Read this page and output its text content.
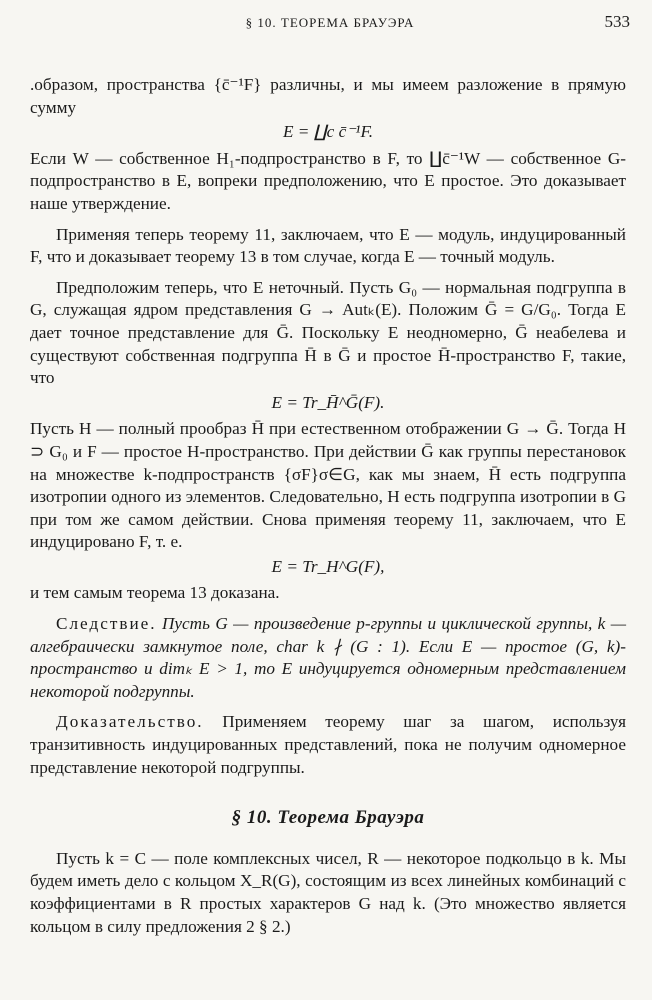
§ 10. ТЕОРЕМА БРАУЭРА	533

.образом, пространства {c̄⁻¹F} различны, и мы имеем разложение в прямую сумму

E = ∐c c̄⁻¹F.

Если W — собственное H₁-подпространство в F, то ∐c̄⁻¹W — собственное G-подпространство в E, вопреки предположению, что E простое. Это доказывает наше утверждение.

Применяя теперь теорему 11, заключаем, что E — модуль, индуцированный F, что и доказывает теорему 13 в том случае, когда E — точный модуль.

Предположим теперь, что E неточный. Пусть G₀ — нормальная подгруппа в G, служащая ядром представления G → Autₖ(E). Положим Ḡ = G/G₀. Тогда E дает точное представление для Ḡ. Поскольку E неодномерно, Ḡ неабелева и существуют собственная подгруппа H̄ в Ḡ и простое H̄-пространство F, такие, что

E = Tr_H̄^Ḡ(F).

Пусть H — полный прообраз H̄ при естественном отображении G → Ḡ. Тогда H ⊃ G₀ и F — простое H-пространство. При действии Ḡ как группы перестановок на множестве k-подпространств {σF}σ∈G, как мы знаем, H̄ есть подгруппа изотропии одного из элементов. Следовательно, H есть подгруппа изотропии в G при том же самом действии. Снова применяя теорему 11, заключаем, что E индуцировано F, т. е.

E = Tr_H^G(F),

и тем самым теорема 13 доказана.

Следствие. Пусть G — произведение p-группы и циклической группы, k — алгебраически замкнутое поле, char k ∤ (G : 1). Если E — простое (G, k)-пространство и dimₖ E > 1, то E индуцируется одномерным представлением некоторой подгруппы.

Доказательство. Применяем теорему шаг за шагом, используя транзитивность индуцированных представлений, пока не получим одномерное представление некоторой подгруппы.

§ 10. Теорема Брауэра

Пусть k = C — поле комплексных чисел, R — некоторое подкольцо в k. Мы будем иметь дело с кольцом X_R(G), состоящим из всех линейных комбинаций с коэффициентами в R простых характеров G над k. (Это множество является кольцом в силу предложения 2 § 2.)
